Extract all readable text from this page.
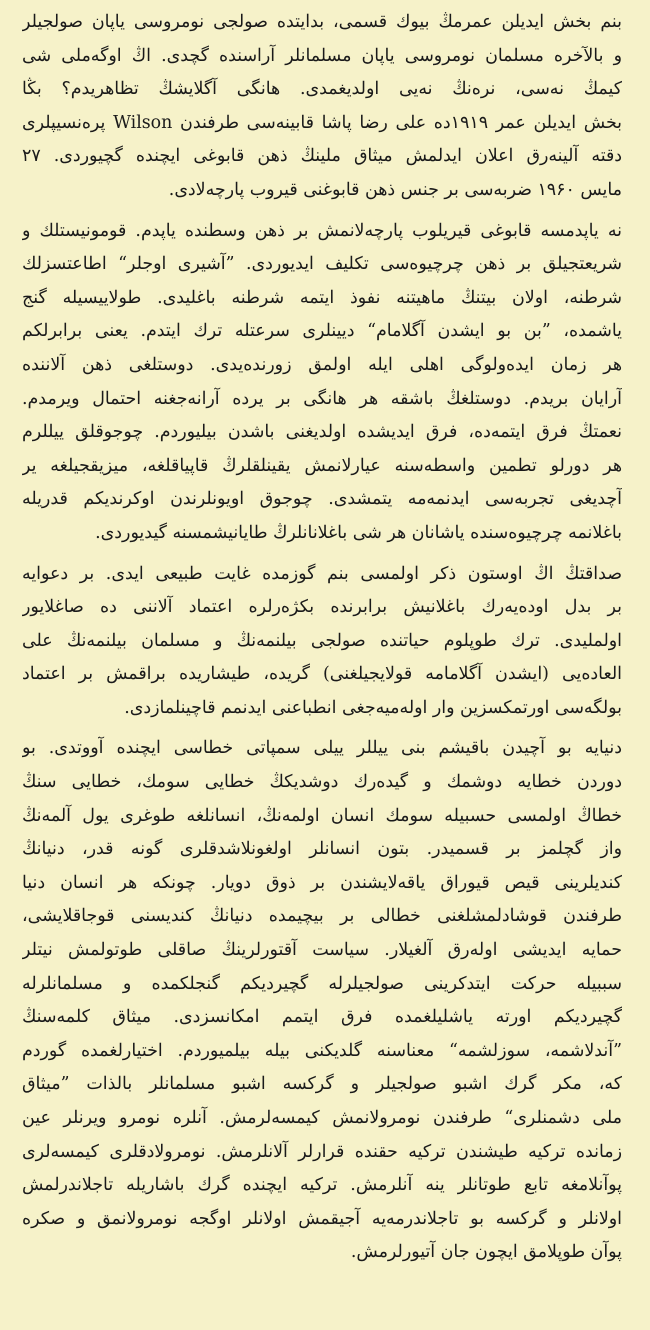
بنم بخش ایدیلن عمرمڭ بیوك قسمی، بدایتده صولجی نومروسی یاپان صولجیلر
و بالآخره مسلمان نومروسی یاپان مسلمانلر آراسنده گچدی. اڭ اوگه‌ملی شی
کیمڭ نه‌سی، نره‌نڭ نه‌یی اولدیغمدی. هانگی آگلایشڭ تظاهریدم؟ بڭا
بخش ایدیلن عمر ۱۹۱۹ده علی رضا پاشا قابینه‌سی طرفندن Wilson پره‌نسیپلری
دقته آلینه‌رق اعلان ایدلمش میثاق ملینڭ ذهن قابوغی ایچنده گچیوردی. ۲۷
مایس ۱۹۶۰ ضربه‌سی بر جنس ذهن قابوغنی قیروب پارچه‌لادی.

نه یاپدمسه قابوغی قیریلوب پارچه‌لانمش بر ذهن وسطنده یاپدم. قومونیستلك و
شریعتجیلق بر ذهن چرچیوه‌سی تکلیف ایدیوردی. ”آشیری اوجلر“ اطاعتسزلك
شرطنه، اولان بیتنڭ ماهیتنه نفوذ ایتمه شرطنه باغلیدی. طولاییسیله گنج
یاشمده، ”بن بو ایشدن آگلامام“ دیینلری سرعتله ترك ایتدم. یعنی برابرلکم
هر زمان ایده‌ولوگی اهلی ایله اولمق زورنده‌یدی. دوستلغی ذهن آلاننده
آرایان بریدم. دوستلغڭ باشقه هر هانگی بر یرده آرانه‌جغنه احتمال ویرمدم.
نعمتڭ فرق ایتمه‌ده، فرق ایدیشده اولدیغنی باشدن بیلیوردم. چوجوقلق ییللرم
هر دورلو تطمین واسطه‌سنه عیارلانمش یقینلقلرڭ قاپیاقلغه، میزیقجیلغه یر
آچدیغی تجربه‌سی ایدنمه‌مه یتمشدی. چوجوق اویونلرندن اوکرندیکم قدریله
باغلانمه چرچیوه‌سنده یاشانان هر شی باغلانانلرڭ طایانیشمسنه گیدیوردی.

صداقتڭ اڭ اوستون ذکر اولمسی بنم گوزمده غایت طبیعی ایدی. بر دعوایه
بر بدل اوده‌یه‌رك باغلانیش برابرنده بکژه‌رلره اعتماد آلاننی ده صاغلایور
اولملیدی. ترك طوپلوم حیاتنده صولجی بیلنمه‌نڭ و مسلمان بیلنمه‌نڭ علی
العاده‌یی (ایشدن آگلامامه قولایجیلغنی) گریده، طیشاریده براقمش بر اعتماد
بولگه‌سی اورتمکسزین وار اوله‌میه‌جغی انطباعنی ایدنمم قاچینلمازدی.

دنیایه بو آچیدن باقیشم بنی ییللر ییلی سمپاتی خطاسی ایچنده آووتدی. بو
دوردن خطایه دوشمك و گیده‌رك دوشدیکڭ خطایی سومك، خطایی سنڭ
خطاڭ اولمسی حسبیله سومك انسان اولمه‌نڭ، انسانلغه طوغری یول آلمه‌نڭ
واز گچلمز بر قسمیدر. بتون انسانلر اولغونلاشدقلری گونه قدر، دنیانڭ
کندیلرینی قیص قیوراق یاقه‌لایشندن بر ذوق دویار. چونکه هر انسان دنیا
طرفندن قوشادلمشلغنی خطالی بر بیچیمده دنیانڭ کندیسنی قوجاقلایشی،
حمایه ایدیشی اوله‌رق آلغیلار. سیاست آقتورلرینڭ صاقلی طوتولمش نیتلر
سببیله حرکت ایتدکرینی صولجیلرله گچیردیکم گنجلکمده و مسلمانلرله
گچیردیکم اورته یاشلیلغمده فرق ایتمم امکانسزدی. میثاق کلمه‌سنڭ
”آندلاشمه، سوزلشمه“ معناسنه گلدیکنی بیله بیلمیوردم. اختیارلغمده گوردم
که، مکر گرك اشبو صولجیلر و گرکسه اشبو مسلمانلر بالذات ”میثاق
ملی دشمنلری“ طرفندن نومرولانمش کیمسه‌لرمش. آنلره نومرو ویرنلر عین
زمانده ترکیه طیشندن ترکیه حقنده قرارلر آلانلرمش. نومرولادقلری کیمسه‌لری
پوآنلامغه تابع طوتانلر ینه آنلرمش. ترکیه ایچنده گرك باشاریله تاجلاندرلمش
اولانلر و گرکسه بو تاجلاندرمه‌یه آجیقمش اولانلر اوگجه نومرولانمق و صکره
پوآن طوپلامق ایچون جان آتیورلرمش.
